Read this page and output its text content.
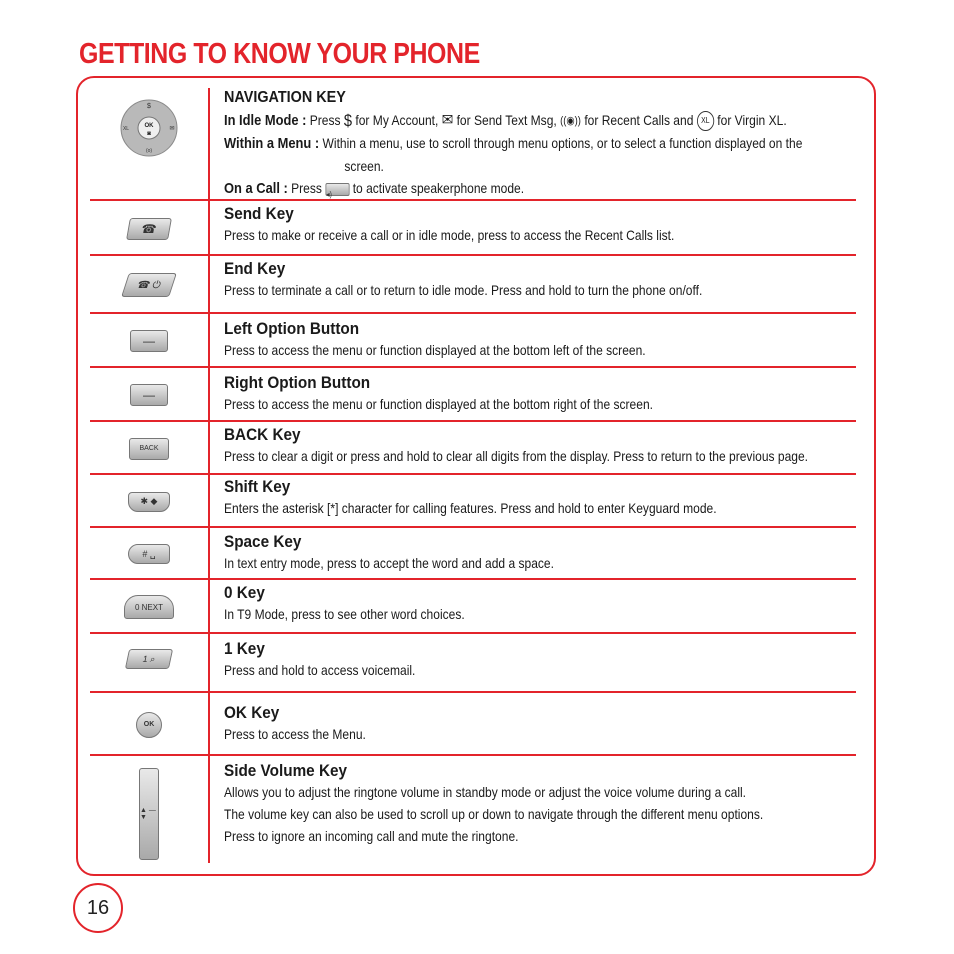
GETTING TO KNOW YOUR PHONE
OK
◙
$
✉
XL
(o)
NAVIGATION KEY
In Idle Mode : Press $ for My Account, ✉ for Send Text Msg, ((◉)) for Recent Calls and XL for Virgin XL.
Within a Menu : Within a menu, use to scroll through menu options, or to select a function displayed on the
screen.
On a Call : Press ◂) to activate speakerphone mode.
☎
Send Key
Press to make or receive a call or in idle mode, press to access the Recent Calls list.
☎ ⏻
End Key
Press to terminate a call or to return to idle mode. Press and hold to turn the phone on/off.
—
Left Option Button
Press to access the menu or function displayed at the bottom left of the screen.
—
Right Option Button
Press to access the menu or function displayed at the bottom right of the screen.
BACK
BACK Key
Press to clear a digit or press and hold to clear all digits from the display. Press to return to the previous page.
✱ ◆
Shift Key
Enters the asterisk [*] character for calling features. Press and hold to enter Keyguard mode.
# ␣
Space Key
In text entry mode, press to accept the word and add a space.
0 NEXT
0 Key
In T9 Mode, press to see other word choices.
1 ⌕
1 Key
Press and hold to access voicemail.
OK
OK Key
Press to access the Menu.
▲ — ▼
Side Volume Key
Allows you to adjust the ringtone volume in standby mode or adjust the voice volume during a call.
The volume key can also be used to scroll up or down to navigate through the different menu options.
Press to ignore an incoming call and mute the ringtone.
16
